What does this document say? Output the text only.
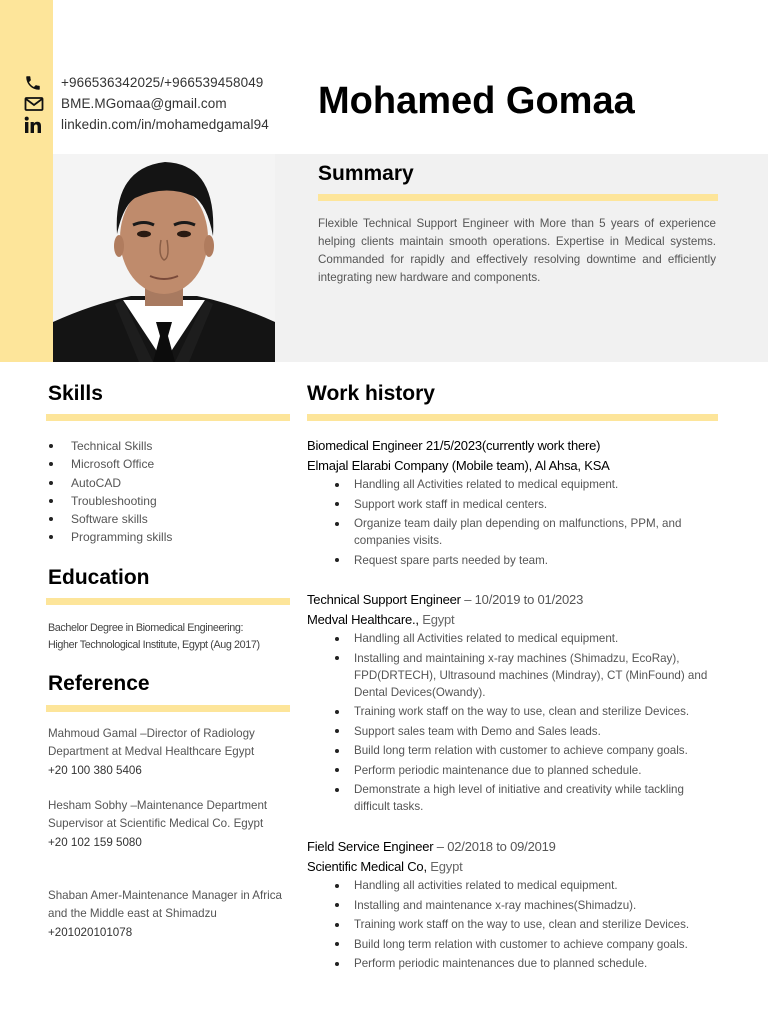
+966536342025/+966539458049
BME.MGomaa@gmail.com
linkedin.com/in/mohamedgamal94
Mohamed Gomaa
Summary
Flexible Technical Support Engineer with More than 5 years of experience helping clients maintain smooth operations. Expertise in Medical systems. Commanded for rapidly and effectively resolving downtime and efficiently integrating new hardware and components.
Skills
Technical Skills
Microsoft Office
AutoCAD
Troubleshooting
Software skills
Programming skills
Education
Bachelor Degree in Biomedical Engineering:
Higher Technological Institute, Egypt (Aug 2017)
Reference
Mahmoud Gamal –Director of Radiology Department at Medval Healthcare Egypt
+20 100 380 5406
Hesham Sobhy –Maintenance Department Supervisor at Scientific Medical Co. Egypt
+20 102 159 5080
Shaban Amer-Maintenance Manager in Africa and the Middle east at Shimadzu
+201020101078
Work history
Biomedical Engineer 21/5/2023(currently work there)
Elmajal Elarabi Company (Mobile team), Al Ahsa, KSA
Handling all Activities related to medical equipment.
Support work staff in medical centers.
Organize team daily plan depending on malfunctions, PPM, and companies visits.
Request spare parts needed by team.
Technical Support Engineer – 10/2019 to 01/2023
Medval Healthcare., Egypt
Handling all Activities related to medical equipment.
Installing and maintaining x-ray machines (Shimadzu, EcoRay), FPD(DRTECH), Ultrasound machines (Mindray), CT (MinFound) and Dental Devices(Owandy).
Training work staff on the way to use, clean and sterilize Devices.
Support sales team with Demo and Sales leads.
Build long term relation with customer to achieve company goals.
Perform periodic maintenance due to planned schedule.
Demonstrate a high level of initiative and creativity while tackling difficult tasks.
Field Service Engineer – 02/2018 to 09/2019
Scientific Medical Co, Egypt
Handling all activities related to medical equipment.
Installing and maintenance x-ray machines(Shimadzu).
Training work staff on the way to use, clean and sterilize Devices.
Build long term relation with customer to achieve company goals.
Perform periodic maintenances due to planned schedule.
